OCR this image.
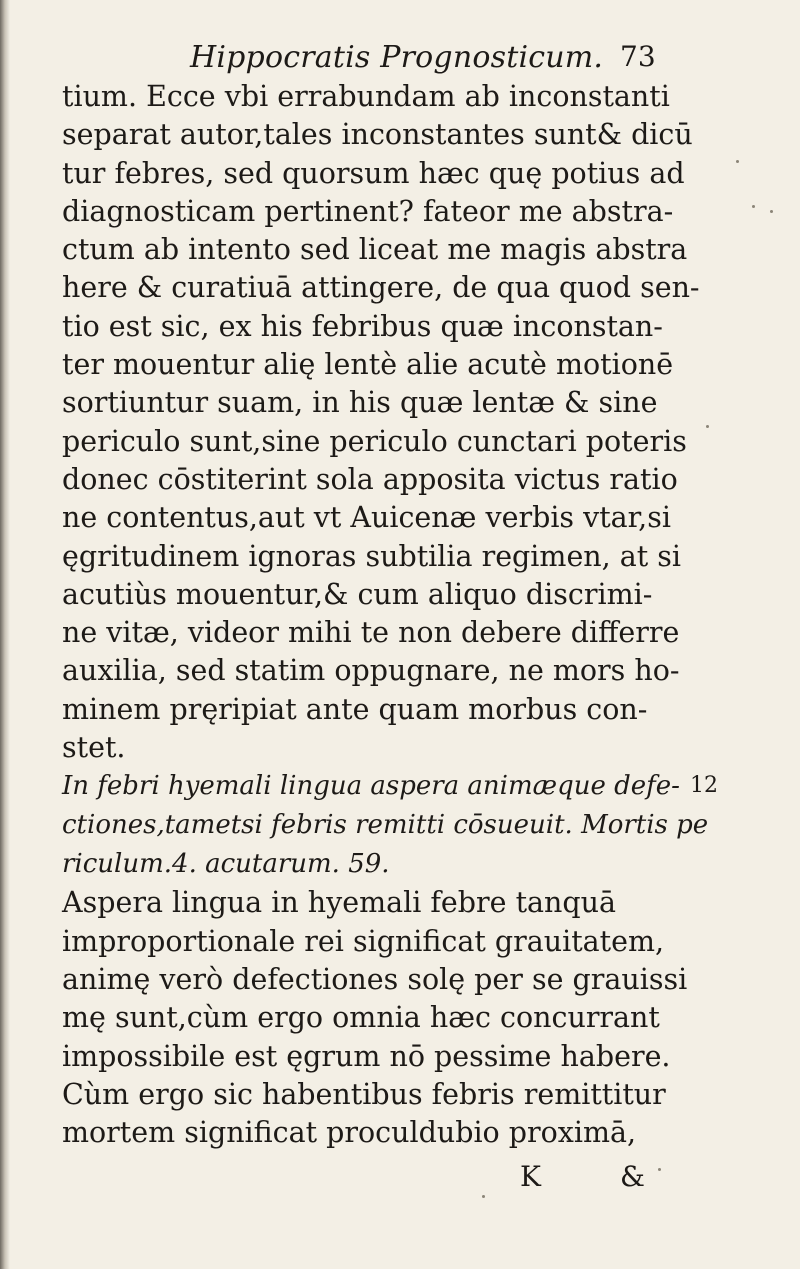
Hippocratis Prognosticum. 73
tium. Ecce vbi errabundam ab inconstanti
separat autor,tales inconstantes sunt& dicū
tur febres, sed quorsum hæc quę potius ad
diagnosticam pertinent? fateor me abstra-
ctum ab intento sed liceat me magis abstra
here & curatiuā attingere, de qua quod sen-
tio est sic, ex his febribus quæ inconstan-
ter mouentur alię lentè alie acutè motionē
sortiuntur suam, in his quæ lentæ & sine
periculo sunt,sine periculo cunctari poteris
donec cōstiterint sola apposita victus ratio
ne contentus,aut vt Auicenæ verbis vtar,si
ęgritudinem ignoras subtilia regimen, at si
acutiùs mouentur,& cum aliquo discrimi-
ne vitæ, videor mihi te non debere differre
auxilia, sed statim oppugnare, ne mors ho-
minem pręripiat ante quam morbus con-
stet.
In febri hyemali lingua aspera animæque defe-
ctiones,tametsi febris remitti cōsueuit. Mortis pe
riculum.4. acutarum. 59.
Aspera lingua in hyemali febre tanquā
improportionale rei significat grauitatem,
animę verò defectiones solę per se grauissi
mę sunt,cùm ergo omnia hæc concurrant
impossibile est ęgrum nō pessime habere.
Cùm ergo sic habentibus febris remittitur
mortem significat proculdubio proximā,
12
K	&
